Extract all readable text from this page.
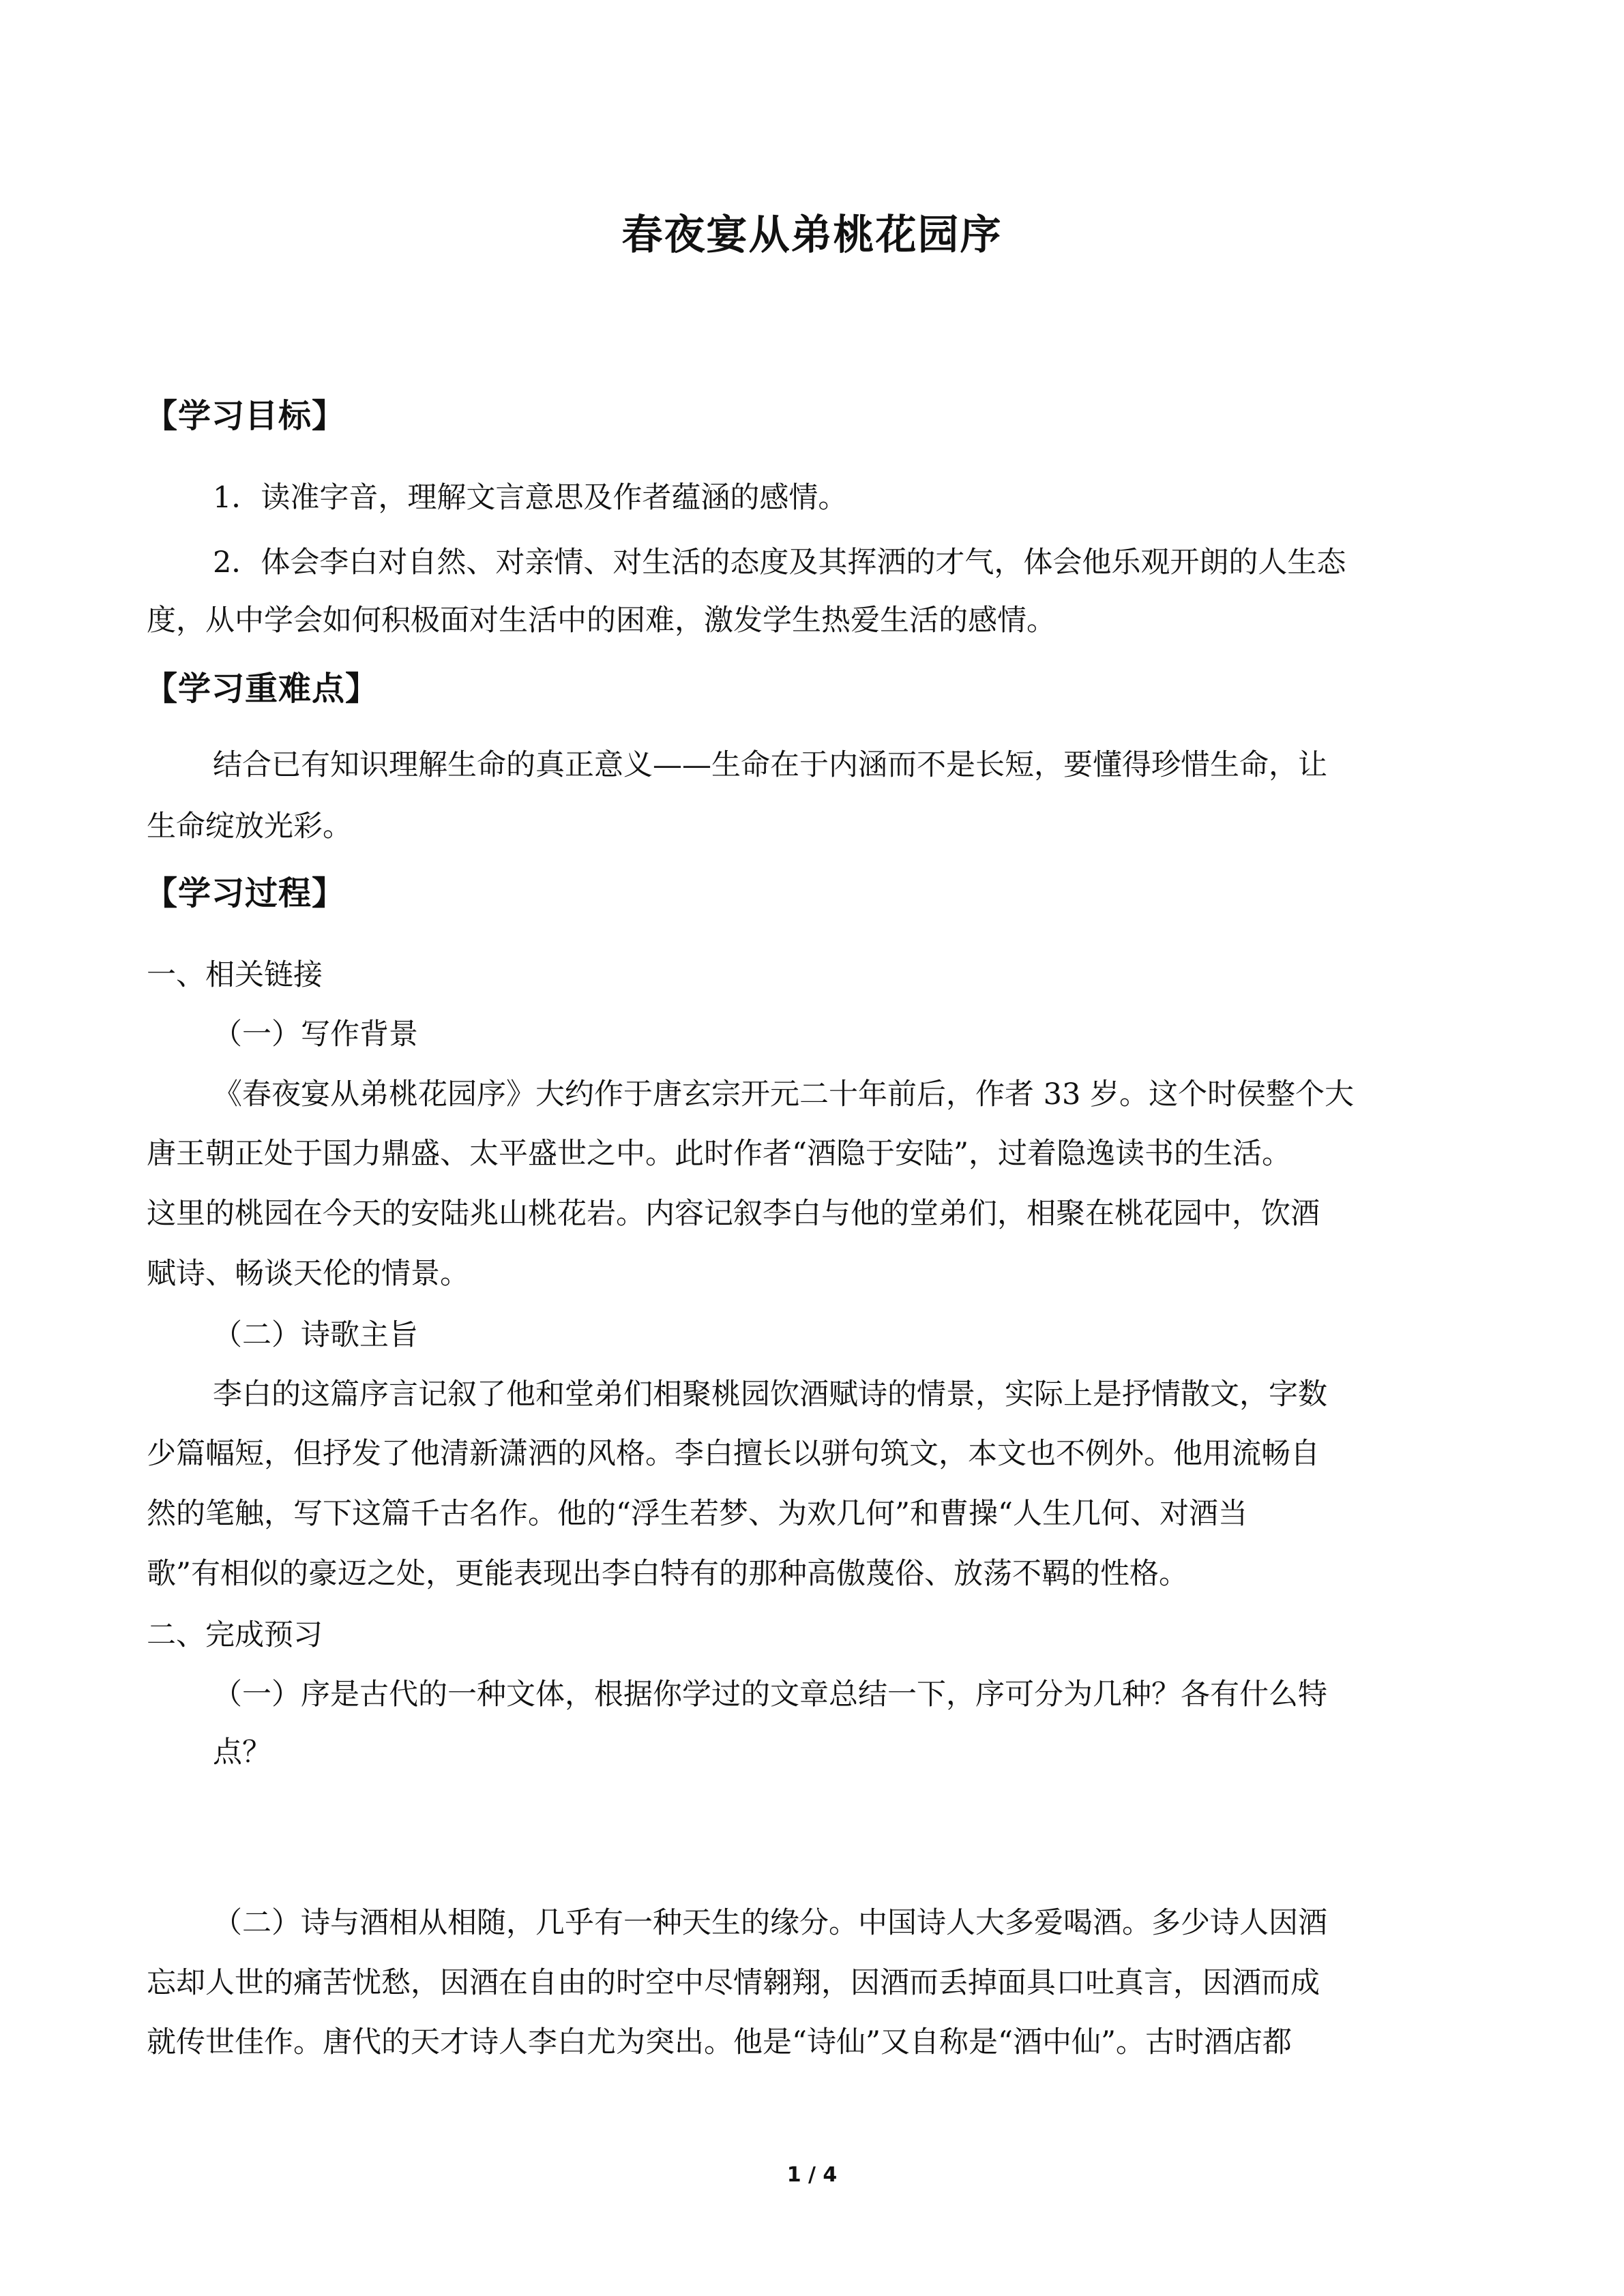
春夜宴从弟桃花园序
【学习目标】
1．读准字音，理解文言意思及作者蕴涵的感情。
2．体会李白对自然、对亲情、对生活的态度及其挥洒的才气，体会他乐观开朗的人生态
度，从中学会如何积极面对生活中的困难，激发学生热爱生活的感情。
【学习重难点】
结合已有知识理解生命的真正意义——生命在于内涵而不是长短，要懂得珍惜生命，让
生命绽放光彩。
【学习过程】
一、相关链接
（一）写作背景
《春夜宴从弟桃花园序》大约作于唐玄宗开元二十年前后，作者 33 岁。这个时侯整个大
唐王朝正处于国力鼎盛、太平盛世之中。此时作者“酒隐于安陆”，过着隐逸读书的生活。
这里的桃园在今天的安陆兆山桃花岩。内容记叙李白与他的堂弟们，相聚在桃花园中，饮酒
赋诗、畅谈天伦的情景。
（二）诗歌主旨
李白的这篇序言记叙了他和堂弟们相聚桃园饮酒赋诗的情景，实际上是抒情散文，字数
少篇幅短，但抒发了他清新潇洒的风格。李白擅长以骈句筑文，本文也不例外。他用流畅自
然的笔触，写下这篇千古名作。他的“浮生若梦、为欢几何”和曹操“人生几何、对酒当
歌”有相似的豪迈之处，更能表现出李白特有的那种高傲蔑俗、放荡不羁的性格。
二、完成预习
（一）序是古代的一种文体，根据你学过的文章总结一下，序可分为几种？各有什么特
点？
（二）诗与酒相从相随，几乎有一种天生的缘分。中国诗人大多爱喝酒。多少诗人因酒
忘却人世的痛苦忧愁，因酒在自由的时空中尽情翱翔，因酒而丢掉面具口吐真言，因酒而成
就传世佳作。唐代的天才诗人李白尤为突出。他是“诗仙”又自称是“酒中仙”。古时酒店都
1 / 4
